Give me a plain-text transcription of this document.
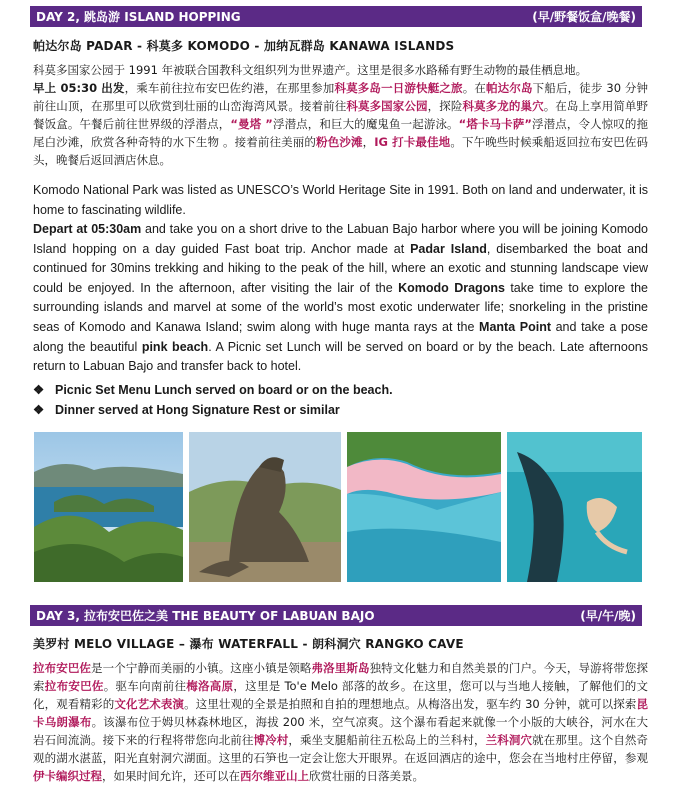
DAY 2, 跳岛游 ISLAND HOPPING	(早/野餐饭盒/晚餐)
帕达尔岛 PADAR - 科莫多 KOMODO - 加纳瓦群岛 KANAWA ISLANDS
科莫多国家公园于 1991 年被联合国教科文组织列为世界遗产。这里是很多水路稀有野生动物的最佳栖息地。
早上 05:30 出发，乘车前往拉布安巴佐约港，在那里参加科莫多岛一日游快艇之旅。在帕达尔岛下船后，徒步 30 分钟前往山顶，在那里可以欣赏到壮丽的山峦海湾风景。接着前往科莫多国家公园，探险科莫多龙的巢穴。在岛上享用简单野餐饭盒。午餐后前往世界级的浮潜点，“曼塔 ”浮潜点，和巨大的魔鬼鱼一起游泳。“塔卡马卡萨”浮潜点，令人惊叹的拖尾白沙滩，欣赏各种奇特的水下生物 。接着前往美丽的粉色沙滩，IG 打卡最佳地。下午晚些时候乘船返回拉布安巴佐码头，晚餐后返回酒店休息。
Komodo National Park was listed as UNESCO’s World Heritage Site in 1991. Both on land and underwater, it is home to fascinating wildlife.
Depart at 05:30am and take you on a short drive to the Labuan Bajo harbor where you will be joining Komodo Island hopping on a day guided Fast boat trip. Anchor made at Padar Island, disembarked the boat and continued for 30mins trekking and hiking to the peak of the hill, where an exotic and stunning landscape view could be enjoyed. In the afternoon, after visiting the lair of the Komodo Dragons take time to explore the surrounding islands and marvel at some of the world’s most exotic underwater life; snorkeling in the pristine seas of Komodo and Kanawa Island; swim along with huge manta rays at the Manta Point and take a pose along the beautiful pink beach. A Picnic set Lunch will be served on board or by the beach. Late afternoons return to Labuan Bajo and transfer back to hotel.
❖ Picnic Set Menu Lunch served on board or on the beach.
❖ Dinner served at Hong Signature Rest or similar
DAY 3, 拉布安巴佐之美 THE BEAUTY OF LABUAN BAJO	(早/午/晚)
美罗村 MELO VILLAGE – 瀑布 WATERFALL - 朗科洞穴 RANGKO CAVE
拉布安巴佐是一个宁静而美丽的小镇。这座小镇是领略弗洛里斯岛独特文化魅力和自然美景的门户。今天，导游将带您探索拉布安巴佐。驱车向南前往梅洛高原，这里是 To'e Melo 部落的故乡。在这里，您可以与当地人接触，了解他们的文化，观看精彩的文化艺术表演。这里壮观的全景是拍照和自拍的理想地点。从梅洛出发，驱车约 30 分钟，就可以探索昆卡乌朗瀑布。该瀑布位于姆贝林森林地区，海拔 200 米，空气凉爽。这个瀑布看起来就像一个小版的大峡谷，河水在大岩石间流淌。接下来的行程将带您向北前往博冷村，乘坐支腿船前往五松岛上的兰科村，兰科洞穴就在那里。这个自然奇观的湖水湛蓝，阳光直射洞穴湖面。这里的石笋也一定会让您大开眼界。在返回酒店的途中，您会在当地村庄停留，参观伊卡编织过程，如果时间允许，还可以在西尔维亚山上欣赏壮丽的日落美景。
